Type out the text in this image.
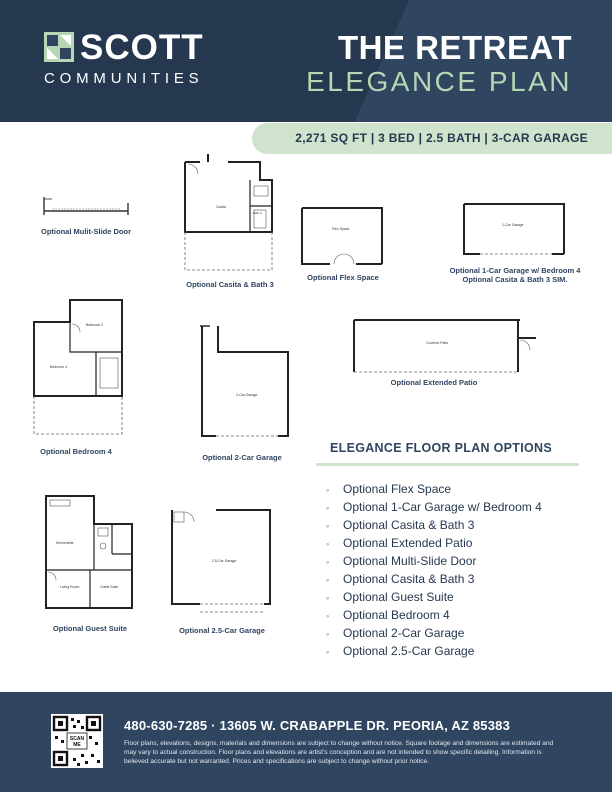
SCOTT
COMMUNITIES
THE RETREAT
ELEGANCE PLAN
2,271 SQ FT | 3 BED | 2.5 BATH | 3-CAR GARAGE
Optional Mulit-Slide Door
Casita
Bath 3
Optional Casita & Bath 3
Flex Space
Optional Flex Space
1-Car Garage
Optional 1-Car Garage w/ Bedroom 4
Optional Casita & Bath 3 SIM.
Bedroom 2
Bedroom 4
Optional Bedroom 4
2-Car Garage
Optional 2-Car Garage
Covered Patio
Optional Extended Patio
Kitchenette
Living Room	Guest Suite
Optional Guest Suite
2.5-Car Garage
Optional 2.5-Car Garage
ELEGANCE FLOOR PLAN OPTIONS
◦ Optional Flex Space
◦ Optional 1-Car Garage w/ Bedroom 4
◦ Optional Casita & Bath 3
◦ Optional Extended Patio
◦ Optional Multi-Slide Door
◦ Optional Casita & Bath 3
◦ Optional Guest Suite
◦ Optional Bedroom 4
◦ Optional 2-Car Garage
◦ Optional 2.5-Car Garage
SCAN ME
480-630-7285 · 13605 W. CRABAPPLE DR. PEORIA, AZ 85383
Floor plans, elevations, designs, materials and dimensions are subject to change without notice. Square footage and dimensions are estimated and may vary to actual construction. Floor plans and elevations are artist's conception and are not intended to show specific detailing. Information is believed accurate but not warranted. Prices and specifications are subject to change without prior notice.
